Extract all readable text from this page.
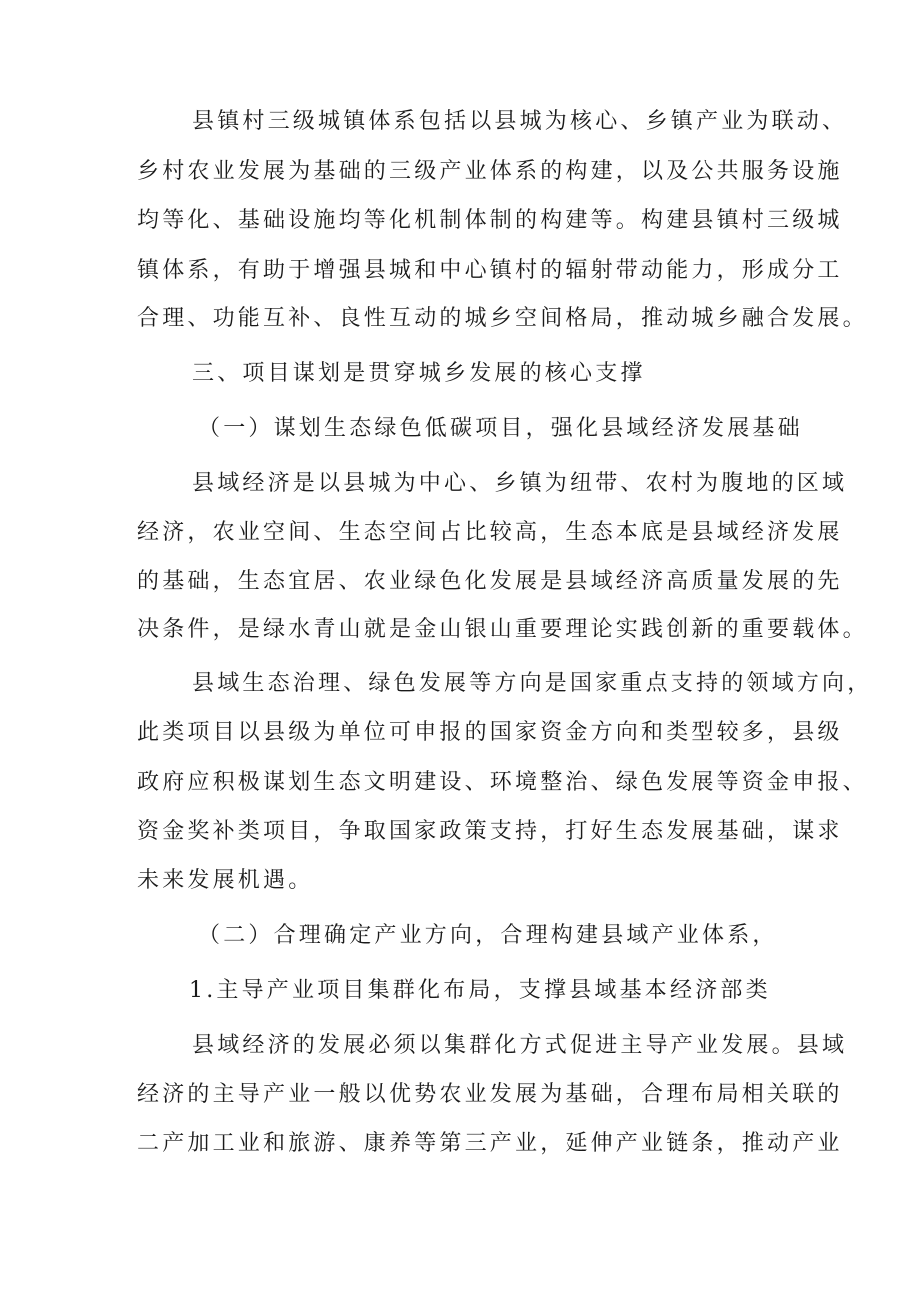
县镇村三级城镇体系包括以县城为核心、乡镇产业为联动、
乡村农业发展为基础的三级产业体系的构建，以及公共服务设施
均等化、基础设施均等化机制体制的构建等。构建县镇村三级城
镇体系，有助于增强县城和中心镇村的辐射带动能力，形成分工
合理、功能互补、良性互动的城乡空间格局，推动城乡融合发展。
三、项目谋划是贯穿城乡发展的核心支撑
（一）谋划生态绿色低碳项目，强化县域经济发展基础
县域经济是以县城为中心、乡镇为纽带、农村为腹地的区域
经济，农业空间、生态空间占比较高，生态本底是县域经济发展
的基础，生态宜居、农业绿色化发展是县域经济高质量发展的先
决条件，是绿水青山就是金山银山重要理论实践创新的重要载体。
县域生态治理、绿色发展等方向是国家重点支持的领域方向，
此类项目以县级为单位可申报的国家资金方向和类型较多，县级
政府应积极谋划生态文明建设、环境整治、绿色发展等资金申报、
资金奖补类项目，争取国家政策支持，打好生态发展基础，谋求
未来发展机遇。
（二）合理确定产业方向，合理构建县域产业体系，
1.主导产业项目集群化布局，支撑县域基本经济部类
县域经济的发展必须以集群化方式促进主导产业发展。县域
经济的主导产业一般以优势农业发展为基础，合理布局相关联的
二产加工业和旅游、康养等第三产业，延伸产业链条，推动产业
